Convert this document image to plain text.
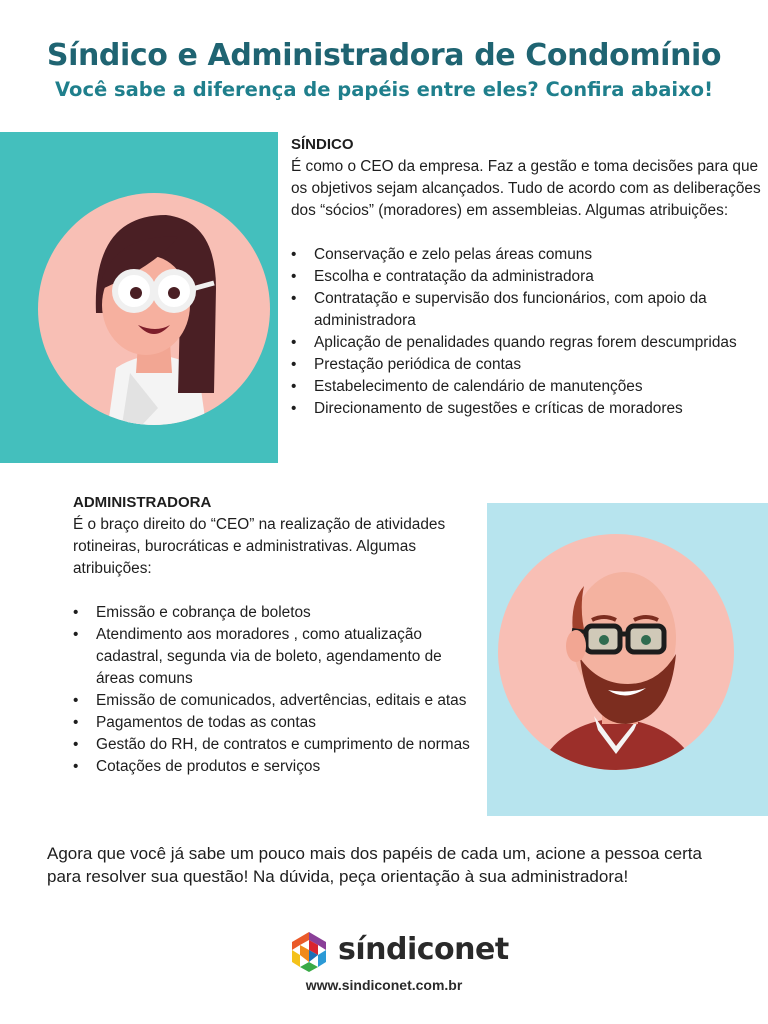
Síndico e Administradora de Condomínio
Você sabe a diferença de papéis entre eles? Confira abaixo!
SÍNDICO

É como o CEO da empresa. Faz a gestão e toma decisões para que os objetivos sejam alcançados. Tudo de acordo com as deliberações dos “sócios” (moradores) em assembleias. Algumas atribuições:

• Conservação e zelo pelas áreas comuns
• Escolha e contratação da administradora
• Contratação e supervisão dos funcionários, com apoio da administradora
• Aplicação de penalidades quando regras forem descumpridas
• Prestação periódica de contas
• Estabelecimento de calendário de manutenções
• Direcionamento de sugestões e críticas de moradores
ADMINISTRADORA

É o braço direito do “CEO” na realização de atividades rotineiras, burocráticas e administrativas. Algumas atribuições:

• Emissão e cobrança de boletos
• Atendimento aos moradores , como atualização cadastral, segunda via de boleto, agendamento de áreas comuns
• Emissão de comunicados, advertências, editais e atas
• Pagamentos de todas as contas
• Gestão do RH, de contratos e cumprimento de normas
• Cotações de produtos e serviços

Agora que você já sabe um pouco mais dos papéis de cada um, acione a pessoa certa para resolver sua questão! Na dúvida, peça orientação à sua administradora!

síndiconet
www.sindiconet.com.br
